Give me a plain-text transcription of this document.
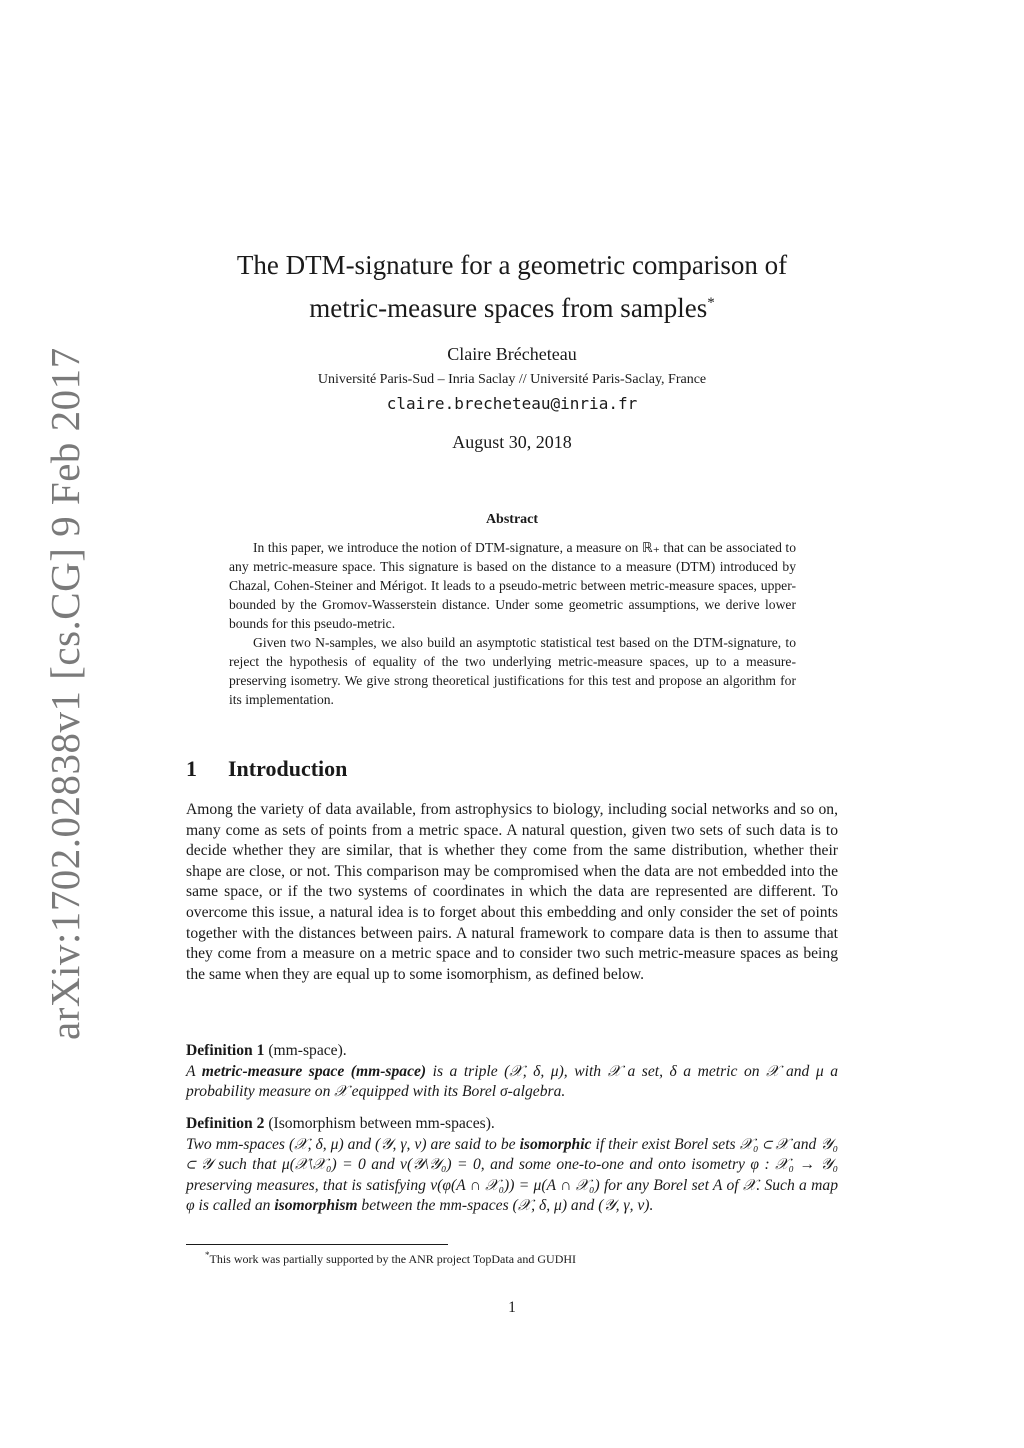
arXiv:1702.02838v1 [cs.CG] 9 Feb 2017
The DTM-signature for a geometric comparison of
metric-measure spaces from samples*
Claire Brécheteau
Université Paris-Sud – Inria Saclay // Université Paris-Saclay, France
claire.brecheteau@inria.fr
August 30, 2018
Abstract

In this paper, we introduce the notion of DTM-signature, a measure on ℝ₊ that can be associated to any metric-measure space. This signature is based on the distance to a measure (DTM) introduced by Chazal, Cohen-Steiner and Mérigot. It leads to a pseudo-metric between metric-measure spaces, upper-bounded by the Gromov-Wasserstein distance. Under some geometric assumptions, we derive lower bounds for this pseudo-metric.

Given two N-samples, we also build an asymptotic statistical test based on the DTM-signature, to reject the hypothesis of equality of the two underlying metric-measure spaces, up to a measure-preserving isometry. We give strong theoretical justifications for this test and propose an algorithm for its implementation.

1 Introduction

Among the variety of data available, from astrophysics to biology, including social networks and so on, many come as sets of points from a metric space. A natural question, given two sets of such data is to decide whether they are similar, that is whether they come from the same distribution, whether their shape are close, or not. This comparison may be compromised when the data are not embedded into the same space, or if the two systems of coordinates in which the data are represented are different. To overcome this issue, a natural idea is to forget about this embedding and only consider the set of points together with the distances between pairs. A natural framework to compare data is then to assume that they come from a measure on a metric space and to consider two such metric-measure spaces as being the same when they are equal up to some isomorphism, as defined below.

Definition 1 (mm-space).
A metric-measure space (mm-space) is a triple (𝒳, δ, μ), with 𝒳 a set, δ a metric on 𝒳 and μ a probability measure on 𝒳 equipped with its Borel σ-algebra.

Definition 2 (Isomorphism between mm-spaces).
Two mm-spaces (𝒳, δ, μ) and (𝒴, γ, ν) are said to be isomorphic if their exist Borel sets 𝒳₀ ⊂ 𝒳 and 𝒴₀ ⊂ 𝒴 such that μ(𝒳\𝒳₀) = 0 and ν(𝒴\𝒴₀) = 0, and some one-to-one and onto isometry φ : 𝒳₀ → 𝒴₀ preserving measures, that is satisfying ν(φ(A ∩ 𝒳₀)) = μ(A ∩ 𝒳₀) for any Borel set A of 𝒳. Such a map φ is called an isomorphism between the mm-spaces (𝒳, δ, μ) and (𝒴, γ, ν).

*This work was partially supported by the ANR project TopData and GUDHI
1
